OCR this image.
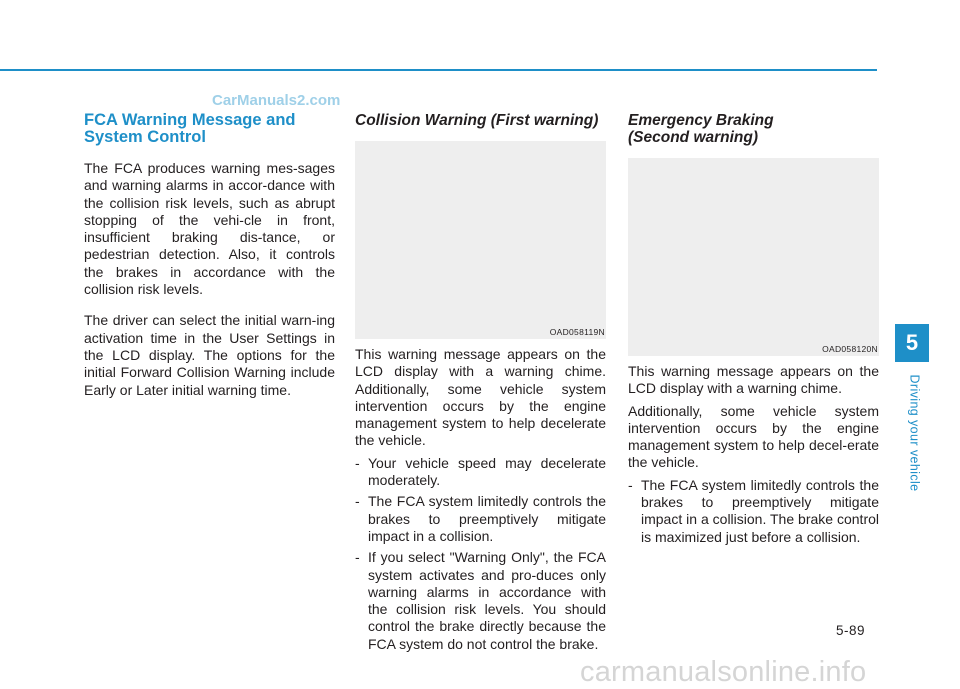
CarManuals2.com
FCA Warning Message and System Control

The FCA produces warning mes-sages and warning alarms in accor-dance with the collision risk levels, such as abrupt stopping of the vehi-cle in front, insufficient braking dis-tance, or pedestrian detection. Also, it controls the brakes in accordance with the collision risk levels.

The driver can select the initial warn-ing activation time in the User Settings in the LCD display. The options for the initial Forward Collision Warning include Early or Later initial warning time.

Collision Warning (First warning)
OAD058119N

This warning message appears on the LCD display with a warning chime. Additionally, some vehicle system intervention occurs by the engine management system to help decelerate the vehicle.

- Your vehicle speed may decelerate moderately.
- The FCA system limitedly controls the brakes to preemptively mitigate impact in a collision.
- If you select "Warning Only", the FCA system activates and pro-duces only warning alarms in accordance with the collision risk levels. You should control the brake directly because the FCA system do not control the brake.
Emergency Braking
(Second warning)
OAD058120N

This warning message appears on the LCD display with a warning chime.

Additionally, some vehicle system intervention occurs by the engine management system to help decel-erate the vehicle.

- The FCA system limitedly controls the brakes to preemptively mitigate impact in a collision. The brake control is maximized just before a collision.
5
Driving your vehicle
5-89
carmanualsonline.info
